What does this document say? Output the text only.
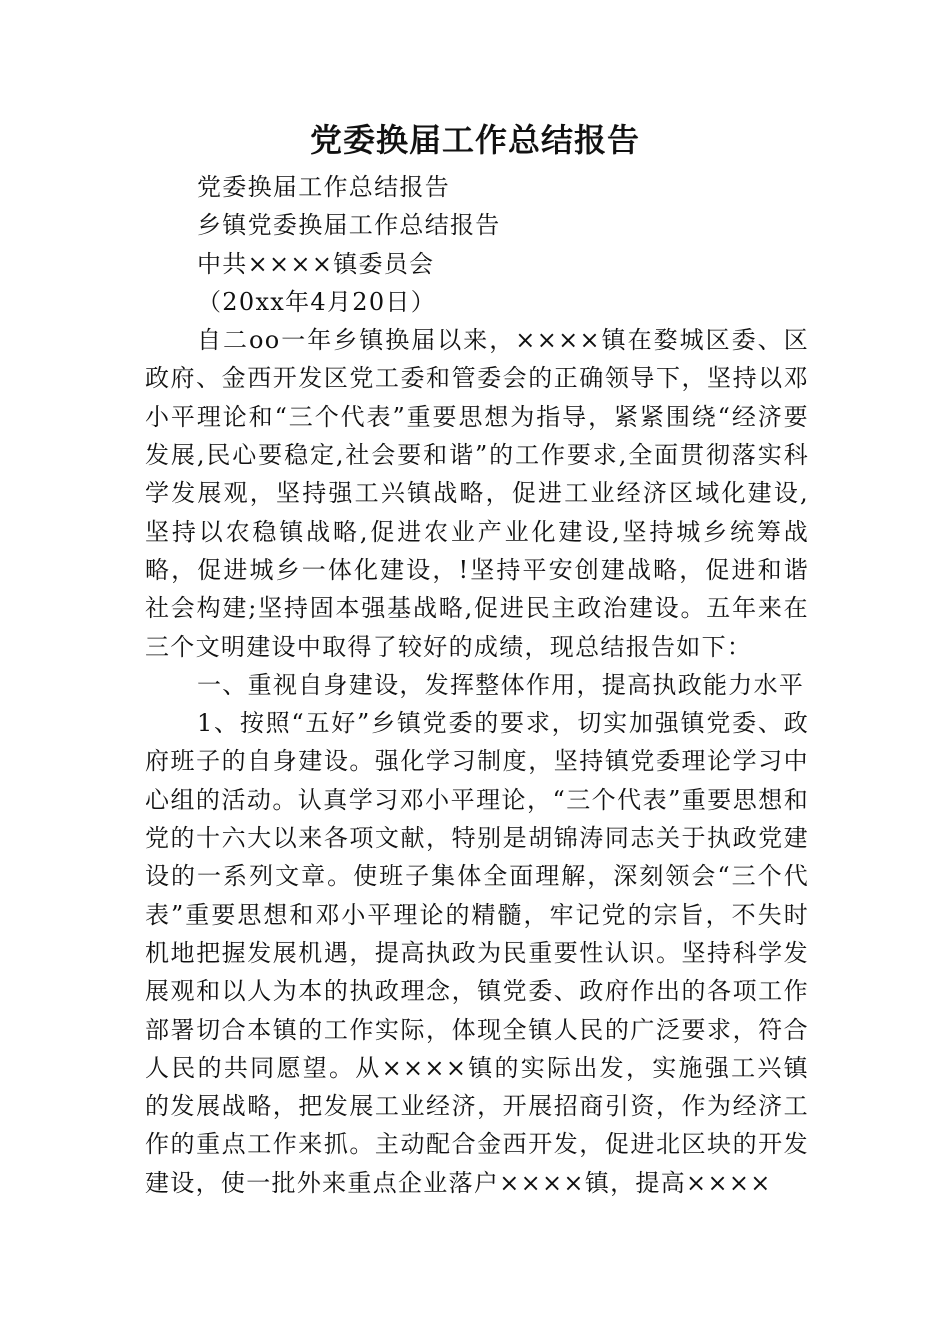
党委换届工作总结报告

党委换届工作总结报告

乡镇党委换届工作总结报告

中共××××镇委员会

（20xx年4月20日）

自二oo一年乡镇换届以来，××××镇在婺城区委、区政府、金西开发区党工委和管委会的正确领导下，坚持以邓小平理论和“三个代表”重要思想为指导，紧紧围绕“经济要发展,民心要稳定,社会要和谐”的工作要求,全面贯彻落实科学发展观，坚持强工兴镇战略，促进工业经济区域化建设,坚持以农稳镇战略,促进农业产业化建设,坚持城乡统筹战略，促进城乡一体化建设，!坚持平安创建战略，促进和谐社会构建;坚持固本强基战略,促进民主政治建设。五年来在三个文明建设中取得了较好的成绩，现总结报告如下：

一、重视自身建设，发挥整体作用，提高执政能力水平

1、按照“五好”乡镇党委的要求，切实加强镇党委、政府班子的自身建设。强化学习制度，坚持镇党委理论学习中心组的活动。认真学习邓小平理论，“三个代表”重要思想和党的十六大以来各项文献，特别是胡锦涛同志关于执政党建设的一系列文章。使班子集体全面理解，深刻领会“三个代表”重要思想和邓小平理论的精髓，牢记党的宗旨，不失时机地把握发展机遇，提高执政为民重要性认识。坚持科学发展观和以人为本的执政理念，镇党委、政府作出的各项工作部署切合本镇的工作实际，体现全镇人民的广泛要求，符合人民的共同愿望。从××××镇的实际出发，实施强工兴镇的发展战略，把发展工业经济，开展招商引资，作为经济工作的重点工作来抓。主动配合金西开发，促进北区块的开发建设，使一批外来重点企业落户××××镇，提高××××
